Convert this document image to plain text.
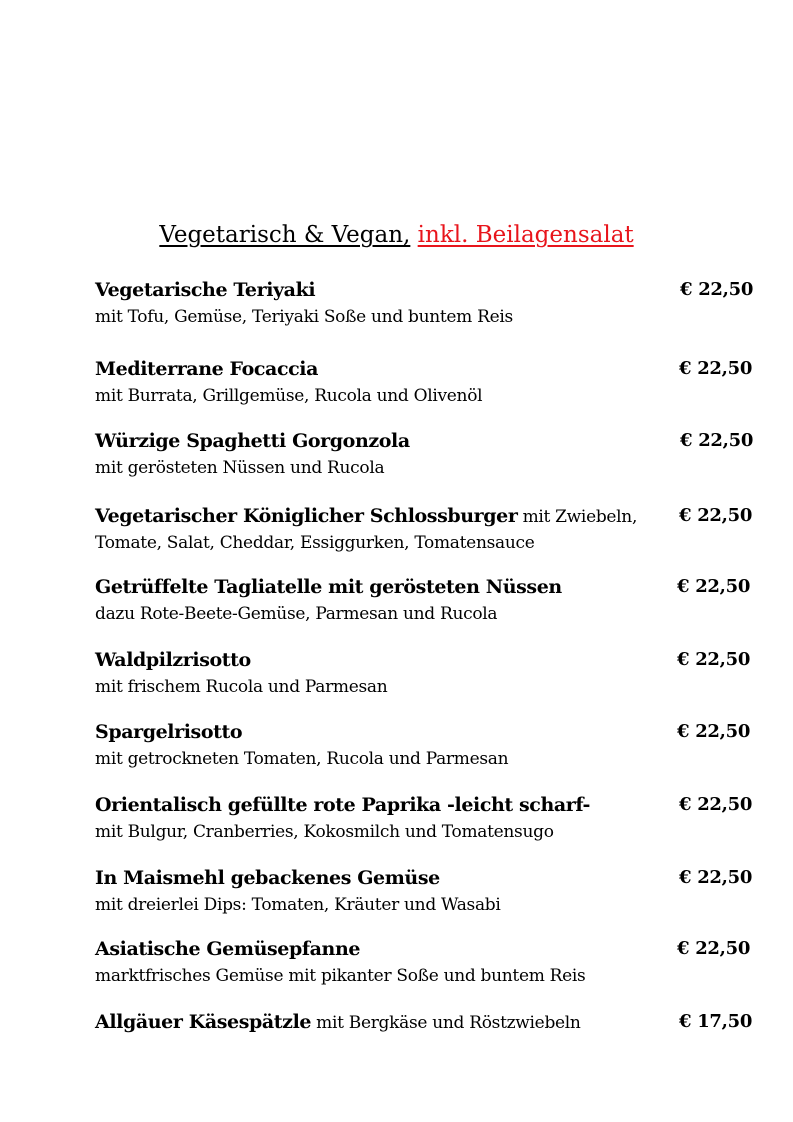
Vegetarisch & Vegan, inkl. Beilagensalat
Vegetarische Teriyaki	€ 22,50
mit Tofu, Gemüse, Teriyaki Soße und buntem Reis
Mediterrane Focaccia	€ 22,50
mit Burrata, Grillgemüse, Rucola und Olivenöl
Würzige Spaghetti Gorgonzola	€ 22,50
mit gerösteten Nüssen und Rucola
Vegetarischer Königlicher Schlossburger mit Zwiebeln, € 22,50
Tomate, Salat, Cheddar, Essiggurken, Tomatensauce
Getrüffelte Tagliatelle mit gerösteten Nüssen	€ 22,50
dazu Rote-Beete-Gemüse, Parmesan und Rucola
Waldpilzrisotto	€ 22,50
mit frischem Rucola und Parmesan
Spargelrisotto	€ 22,50
mit getrockneten Tomaten, Rucola und Parmesan
Orientalisch gefüllte rote Paprika -leicht scharf-	€ 22,50
mit Bulgur, Cranberries, Kokosmilch und Tomatensugo
In Maismehl gebackenes Gemüse	€ 22,50
mit dreierlei Dips: Tomaten, Kräuter und Wasabi
Asiatische Gemüsepfanne	€ 22,50
marktfrisches Gemüse mit pikanter Soße und buntem Reis
Allgäuer Käsespätzle mit Bergkäse und Röstzwiebeln	€ 17,50
